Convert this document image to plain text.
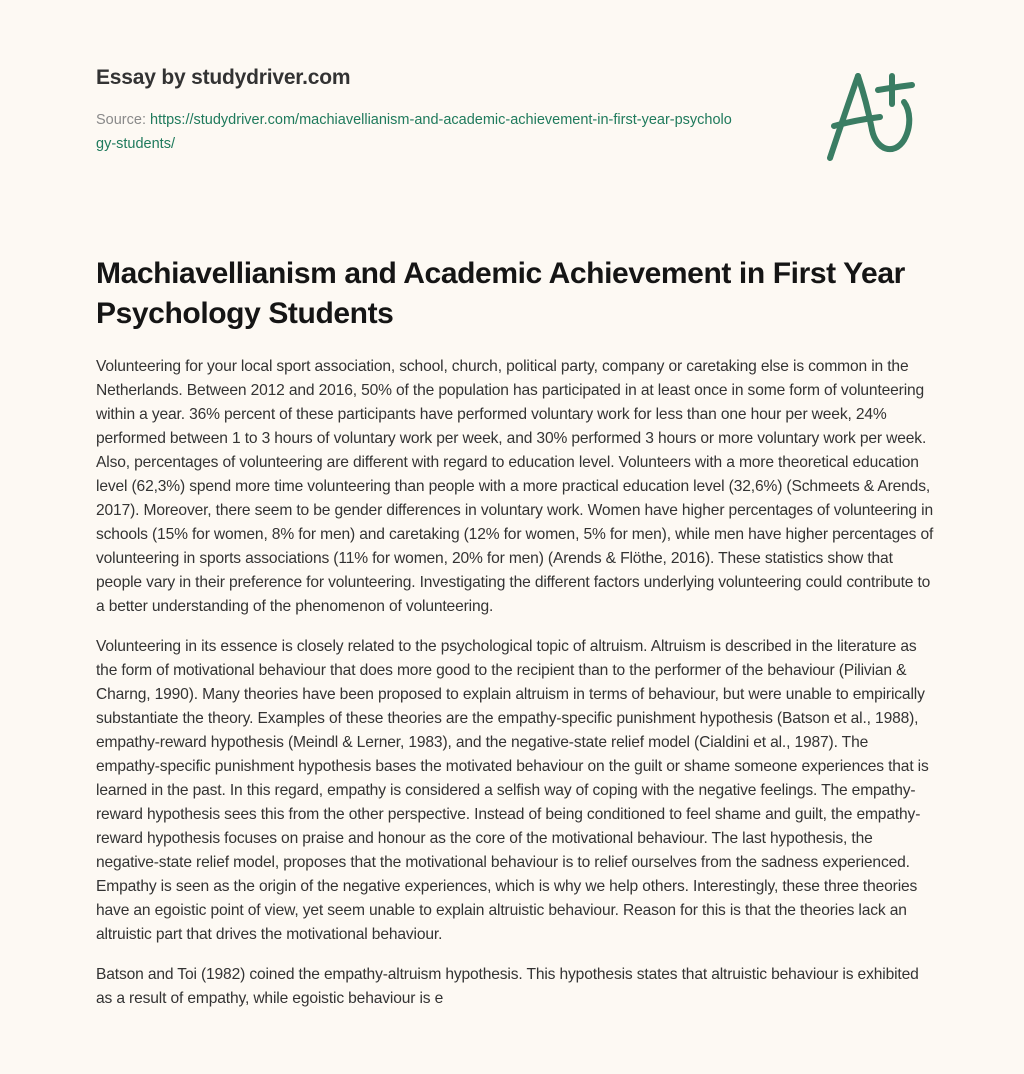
Essay by studydriver.com
Source: https://studydriver.com/machiavellianism-and-academic-achievement-in-first-year-psychology-students/
Machiavellianism and Academic Achievement in First Year Psychology Students

Volunteering for your local sport association, school, church, political party, company or caretaking else is common in the Netherlands. Between 2012 and 2016, 50% of the population has participated in at least once in some form of volunteering within a year. 36% percent of these participants have performed voluntary work for less than one hour per week, 24% performed between 1 to 3 hours of voluntary work per week, and 30% performed 3 hours or more voluntary work per week. Also, percentages of volunteering are different with regard to education level. Volunteers with a more theoretical education level (62,3%) spend more time volunteering than people with a more practical education level (32,6%) (Schmeets & Arends, 2017). Moreover, there seem to be gender differences in voluntary work. Women have higher percentages of volunteering in schools (15% for women, 8% for men) and caretaking (12% for women, 5% for men), while men have higher percentages of volunteering in sports associations (11% for women, 20% for men) (Arends & Flöthe, 2016). These statistics show that people vary in their preference for volunteering. Investigating the different factors underlying volunteering could contribute to a better understanding of the phenomenon of volunteering.

Volunteering in its essence is closely related to the psychological topic of altruism. Altruism is described in the literature as the form of motivational behaviour that does more good to the recipient than to the performer of the behaviour (Pilivian & Charng, 1990). Many theories have been proposed to explain altruism in terms of behaviour, but were unable to empirically substantiate the theory. Examples of these theories are the empathy-specific punishment hypothesis (Batson et al., 1988), empathy-reward hypothesis (Meindl & Lerner, 1983), and the negative-state relief model (Cialdini et al., 1987). The empathy-specific punishment hypothesis bases the motivated behaviour on the guilt or shame someone experiences that is learned in the past. In this regard, empathy is considered a selfish way of coping with the negative feelings. The empathy-reward hypothesis sees this from the other perspective. Instead of being conditioned to feel shame and guilt, the empathy-reward hypothesis focuses on praise and honour as the core of the motivational behaviour. The last hypothesis, the negative-state relief model, proposes that the motivational behaviour is to relief ourselves from the sadness experienced. Empathy is seen as the origin of the negative experiences, which is why we help others. Interestingly, these three theories have an egoistic point of view, yet seem unable to explain altruistic behaviour. Reason for this is that the theories lack an altruistic part that drives the motivational behaviour.

Batson and Toi (1982) coined the empathy-altruism hypothesis. This hypothesis states that altruistic behaviour is exhibited as a result of empathy, while egoistic behaviour is e
